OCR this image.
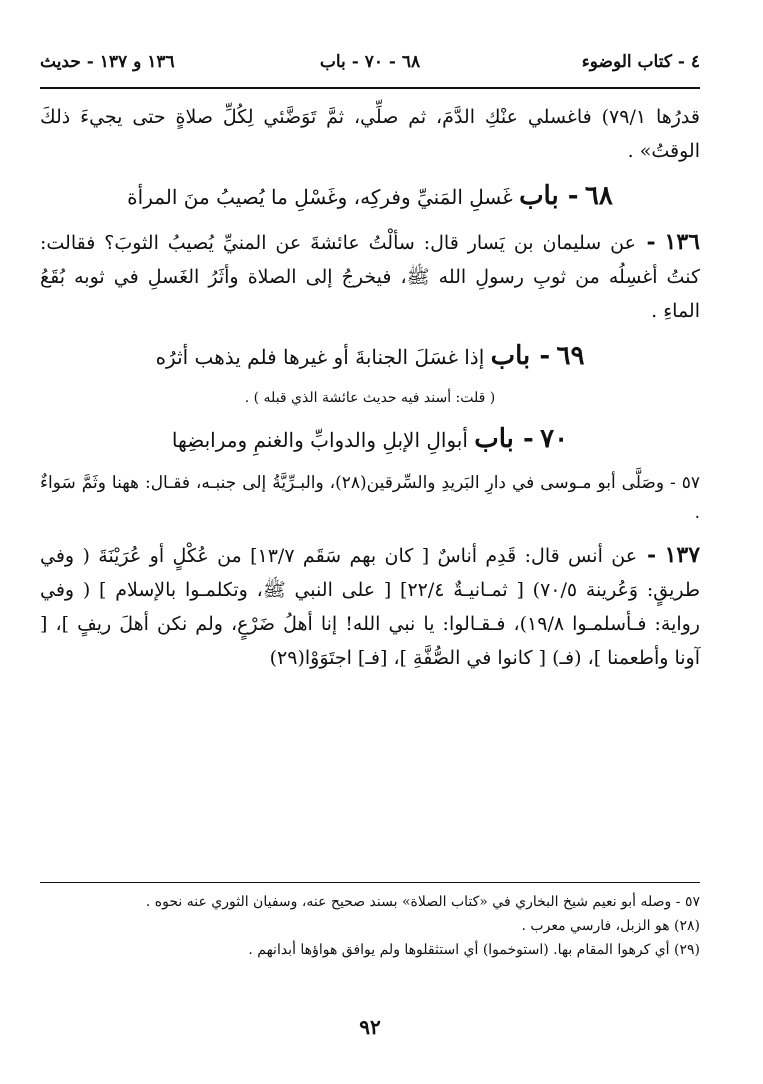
٤ - كتاب الوضوء
٦٨ - ٧٠ - باب
١٣٦ و ١٣٧ - حديث

قدرُها ٧٩/١) فاغسلي عنْكِ الدَّمَ، ثم صلِّي، ثمَّ تَوَضَّئي لِكُلِّ صلاةٍ حتى يجيءَ ذلكَ الوقتُ» .

٦٨ - باب غَسلِ المَنيِّ وفركِه، وغَسْلِ ما يُصيبُ منَ المرأة

١٣٦ - عن سليمان بن يَسار قال: سألْتُ عائشةَ عن المنيِّ يُصيبُ الثوبَ؟ فقالت: كنتُ أغسِلُه من ثوبِ رسولِ الله ﷺ، فيخرجُ إلى الصلاة وأثَرُ الغَسلِ في ثوبه بُقَعُ الماءِ .

٦٩ - باب إذا غسَلَ الجنابةَ أو غيرها فلم يذهب أثرُه

( قلت: أسند فيه حديث عائشة الذي قبله ) .

٧٠ - باب أبوالِ الإبلِ والدوابِّ والغنمِ ومرابضِها

٥٧ - وصَلَّى أبو مـوسى في دارِ البَريدِ والسِّرقين(٢٨)، والبـرِّيَّةُ إلى جنبـه، فقـال: ههنا وثَمَّ سَواءٌ .

١٣٧ - عن أنس قال: قَدِم أناسٌ [ كان بهم سَقَم ١٣/٧] من عُكْلٍ أو عُرَيْنَةَ ( وفي طريقٍ: وَعُرينة ٧٠/٥) [ ثمـانيـةٌ ٢٢/٤] [ على النبي ﷺ، وتكلمـوا بالإسلام ] ( وفي رواية: فـأسلمـوا ١٩/٨)، فـقـالوا: يا نبي الله! إنا أهلُ ضَرْعٍ، ولم نكن أهلَ ريفٍ ]، [ آونا وأطعمنا ]، (فـ) [ كانوا في الصُّفَّةِ ]، [فـ] اجتَوَوْا(٢٩)

٥٧ - وصله أبو نعيم شيخ البخاري في «كتاب الصلاة» بسند صحيح عنه، وسفيان الثوري عنه نحوه .

(٢٨) هو الزبل، فارسي معرب .

(٢٩) أي كرهوا المقام بها. (استوخموا) أي استثقلوها ولم يوافق هواؤها أبدانهم .

٩٢
